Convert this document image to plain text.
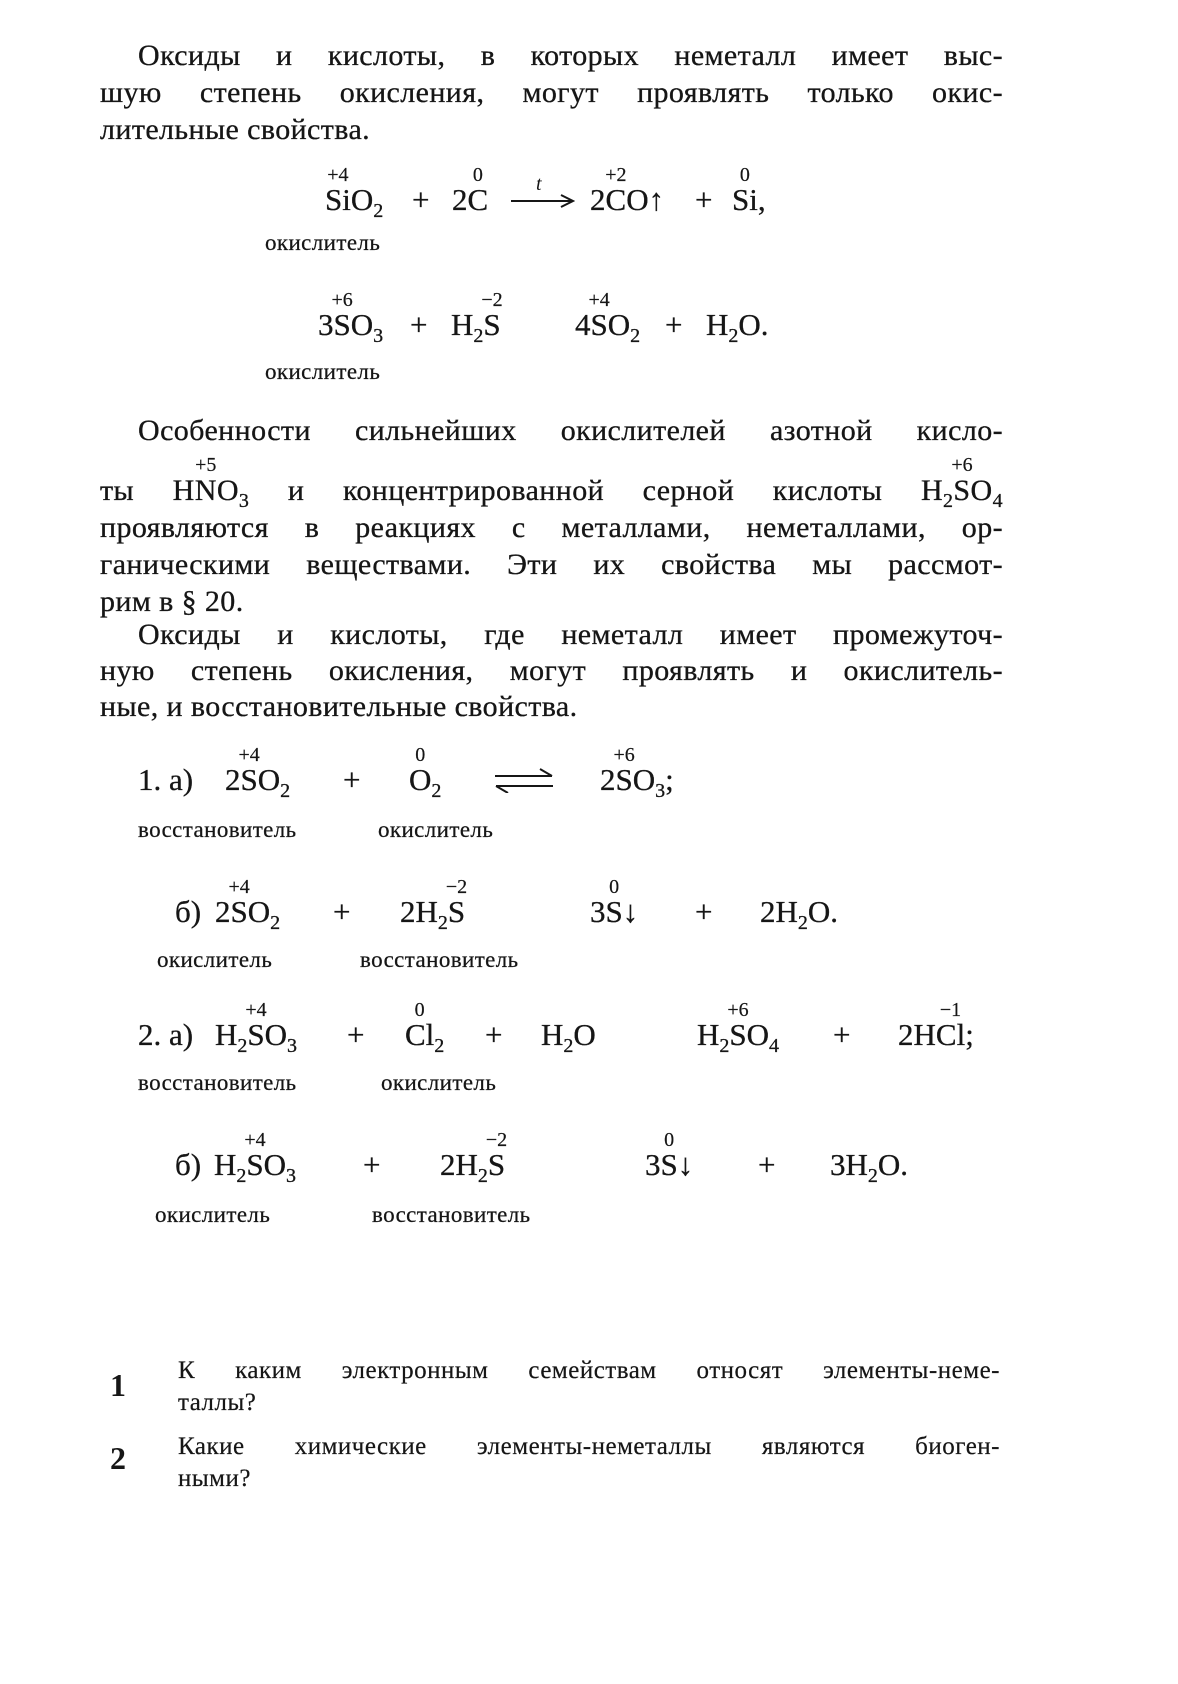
Оксиды и кислоты, в которых неметалл имеет выс-
шую степень окисления, могут проявлять только окис-
лительные свойства.
Si
+4
$O_2 + 2C$
0	t → 2C
+2
O↑ + Si
0
,
окислитель
3S
+6
$O_3 + H_2S$
−2
4S
+4
$O_2 + H_2O$.
окислитель
Особенности сильнейших окислителей азотной кисло-
ты HN
+5
$O_3$ и концентрированной серной кислоты $H_2S$
+6
$O_4$
проявляются в реакциях с металлами, неметаллами, ор-
ганическими веществами. Эти их свойства мы рассмот-
рим в § 20.
Оксиды и кислоты, где неметалл имеет промежуточ-
ную степень окисления, могут проявлять и окислитель-
ные, и восстановительные свойства.
1. а) 2S
+4
$O_2 + O$
0
$_2$	2S
+6
$O_3$;
восстановитель	окислитель
б) 2S
+4
$O_2 + 2H_2S$
−2
3S
0
↓ + $2H_2O$.
окислитель	восстановитель
2. а) $H_2S$
+4
$O_3 + Cl$
0
$_2 + H_2O$	$H_2S$
+6
$O_4 + 2HCl$
−1
;
восстановитель	окислитель
б) $H_2S$
+4
$O_3 + 2H_2S$
−2
3S
0
↓ + $3H_2O$.
окислитель	восстановитель
1 К каким электронным семействам относят элементы-неме-
таллы?
2 Какие химические элементы-неметаллы являются биоген-
ными?
